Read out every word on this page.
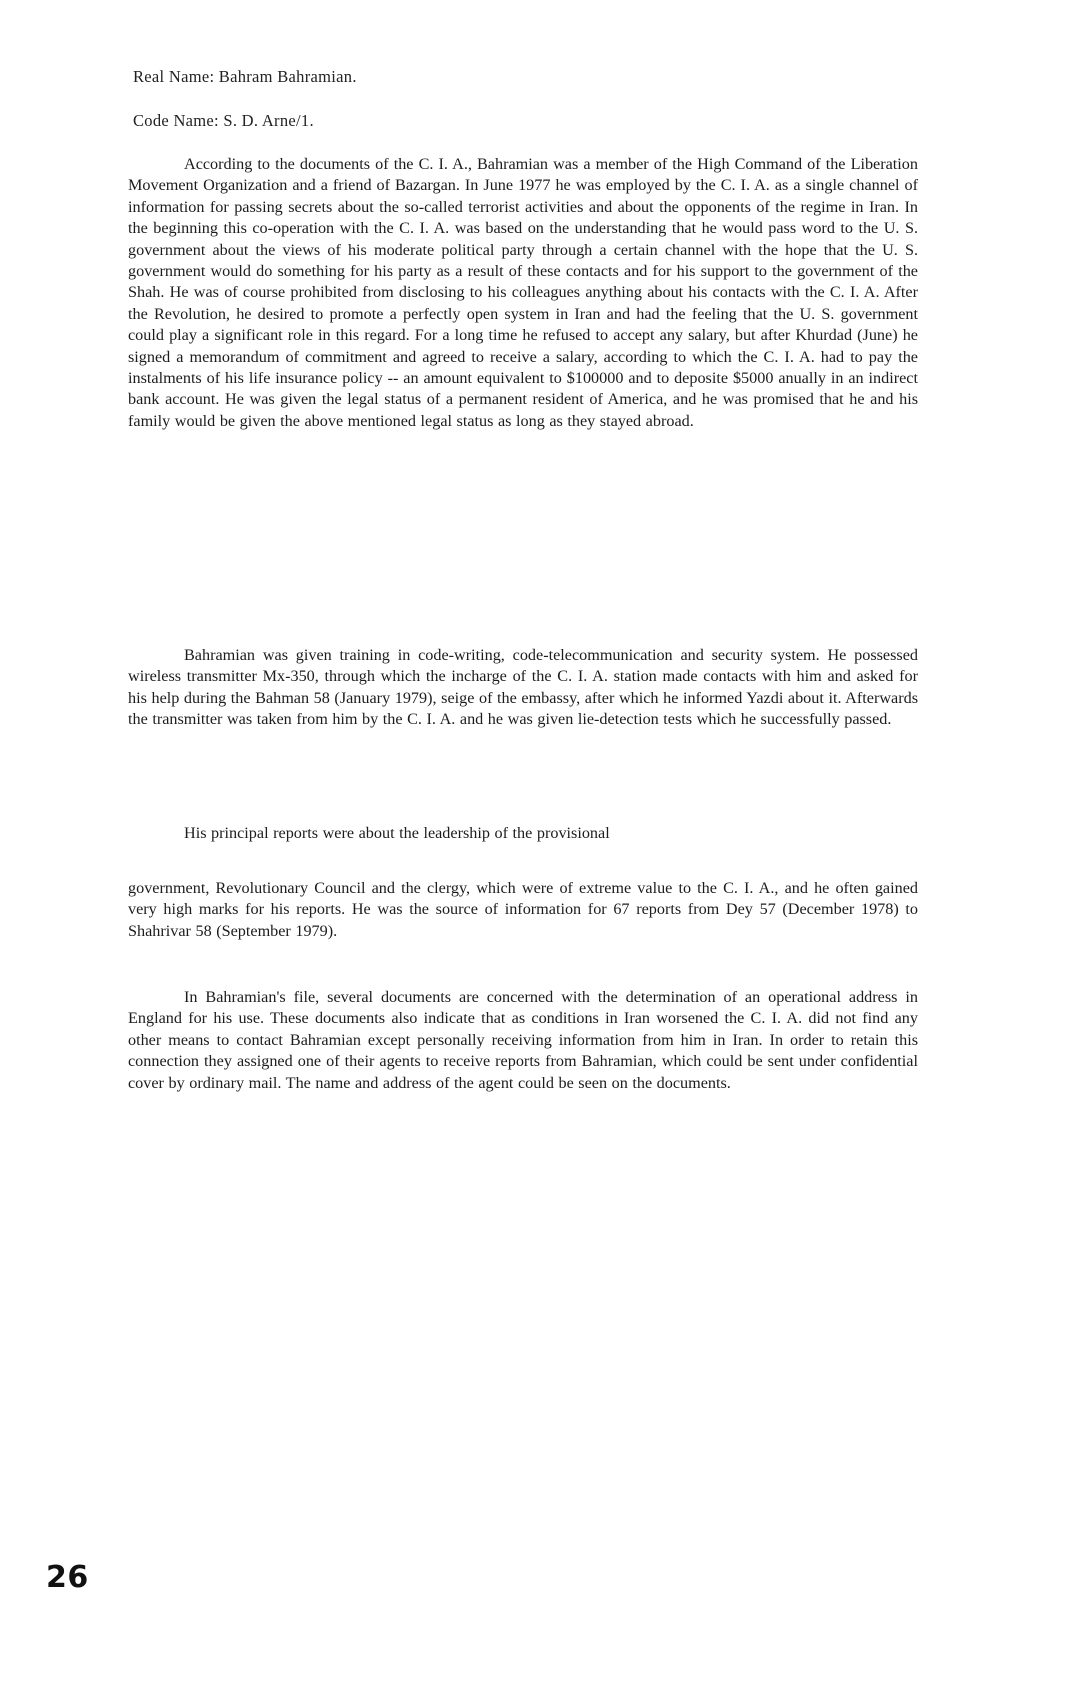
Real Name: Bahram Bahramian.
Code Name: S. D. Arne/1.

According to the documents of the C. I. A., Bahramian was a member of the High Command of the Liberation Movement Organization and a friend of Bazargan. In June 1977 he was employed by the C. I. A. as a single channel of information for passing secrets about the so-called terrorist activities and about the opponents of the regime in Iran. In the beginning this co-operation with the C. I. A. was based on the understanding that he would pass word to the U. S. government about the views of his moderate political party through a certain channel with the hope that the U. S. government would do something for his party as a result of these contacts and for his support to the government of the Shah. He was of course prohibited from disclosing to his colleagues anything about his contacts with the C. I. A. After the Revolution, he desired to promote a perfectly open system in Iran and had the feeling that the U. S. government could play a significant role in this regard. For a long time he refused to accept any salary, but after Khurdad (June) he signed a memorandum of commitment and agreed to receive a salary, according to which the C. I. A. had to pay the instalments of his life insurance policy -- an amount equivalent to $100000 and to deposite $5000 anually in an indirect bank account. He was given the legal status of a permanent resident of America, and he was promised that he and his family would be given the above mentioned legal status as long as they stayed abroad.

Bahramian was given training in code-writing, code-telecommunication and security system. He possessed wireless transmitter Mx-350, through which the incharge of the C. I. A. station made contacts with him and asked for his help during the Bahman 58 (January 1979), seige of the embassy, after which he informed Yazdi about it. Afterwards the transmitter was taken from him by the C. I. A. and he was given lie-detection tests which he successfully passed.

His principal reports were about the leadership of the provisional

government, Revolutionary Council and the clergy, which were of extreme value to the C. I. A., and he often gained very high marks for his reports. He was the source of information for 67 reports from Dey 57 (December 1978) to Shahrivar 58 (September 1979).

In Bahramian's file, several documents are concerned with the determination of an operational address in England for his use. These documents also indicate that as conditions in Iran worsened the C. I. A. did not find any other means to contact Bahramian except personally receiving information from him in Iran. In order to retain this connection they assigned one of their agents to receive reports from Bahramian, which could be sent under confidential cover by ordinary mail. The name and address of the agent could be seen on the documents.

26
